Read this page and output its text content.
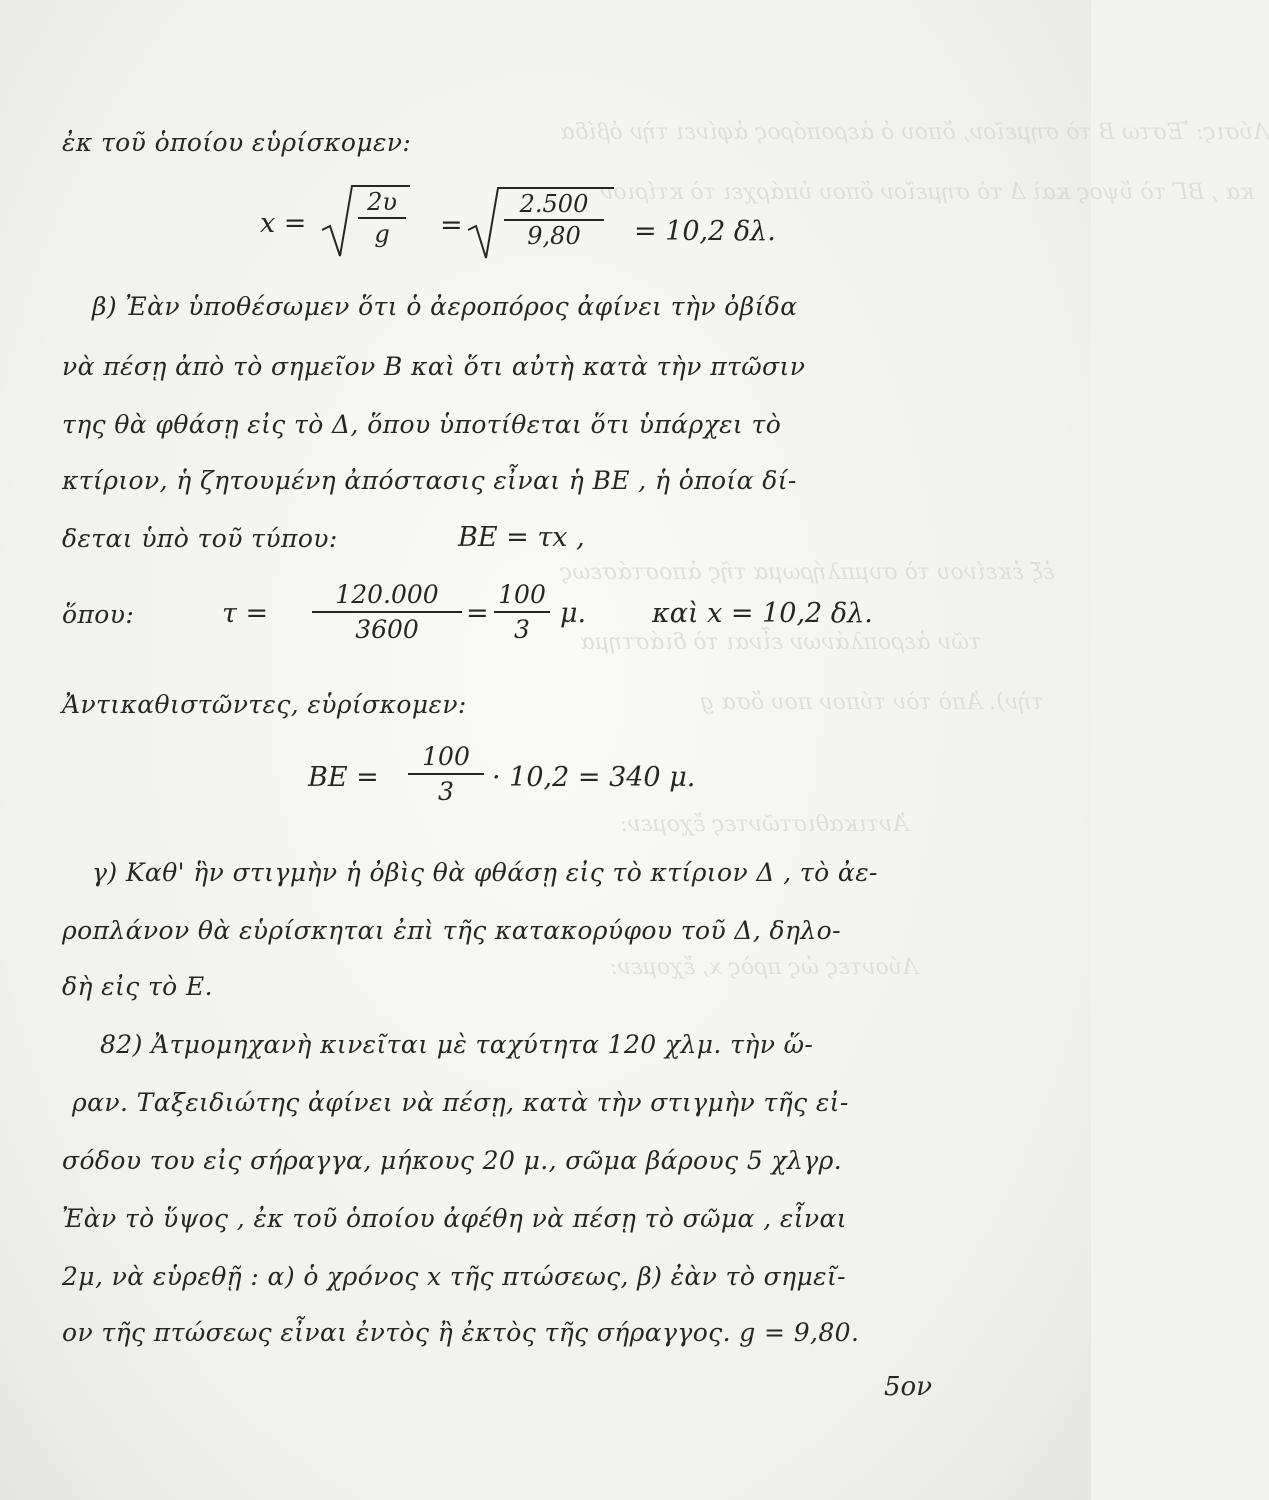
Λύσις: Ἔστω Β τὸ σημεῖον, ὅπου ὁ ἀεροπόρος ἀφίνει τὴν ὀβίδα
κα , ΒΓ τὸ ὕψος καὶ Δ τὸ σημεῖον ὅπου ὑπάρχει τὸ κτίριον
ἐξ ἐκείνου τὸ συμπλήρωμα τῆς ἀποστάσεως
τῶν ἀεροπλάνων εἶναι τὸ διάστημα
Ἀντικαθιστῶντες ἔχομεν:
Λύοντες ὡς πρὸς x, ἔχομεν:
τὴν). Ἀπὸ τὸν τύπον που ὅσα g
ἐκ τοῦ ὁποίου εὑρίσκομεν:
$x = \frac{2\upsilon}{g} = \frac{2.500}{9,80} = 10,2$ δλ.
β) Ἐὰν ὑποθέσωμεν ὅτι ὁ ἀεροπόρος ἀφίνει τὴν ὀβίδα
νὰ πέσῃ ἀπὸ τὸ σημεῖον Β καὶ ὅτι αὐτὴ κατὰ τὴν πτῶσιν
της θὰ φθάσῃ εἰς τὸ Δ, ὅπου ὑποτίθεται ὅτι ὑπάρχει τὸ
κτίριον, ἡ ζητουμένη ἀπόστασις εἶναι ἡ ΒΕ , ἡ ὁποία δί-
δεται ὑπὸ τοῦ τύπου:	ΒΕ = τx ,
ὅπου:	$\tau = \frac{120.000}{3600} = \frac{100}{3} \mu$. καὶ x = 10,2 δλ.
Ἀντικαθιστῶντες, εὑρίσκομεν:
$BE = \frac{100}{3} \cdot 10,2 = 340$ μ.
γ) Καθ' ἣν στιγμὴν ἡ ὀβὶς θὰ φθάσῃ εἰς τὸ κτίριον Δ , τὸ ἀε-
ροπλάνον θὰ εὑρίσκηται ἐπὶ τῆς κατακορύφου τοῦ Δ, δηλο-
δὴ εἰς τὸ Ε.
82) Ἀτμομηχανὴ κινεῖται μὲ ταχύτητα 120 χλμ. τὴν ὥ-
ραν. Ταξειδιώτης ἀφίνει νὰ πέσῃ, κατὰ τὴν στιγμὴν τῆς εἰ-
σόδου του εἰς σήραγγα, μήκους 20 μ., σῶμα βάρους 5 χλγρ.
Ἐὰν τὸ ὕψος , ἐκ τοῦ ὁποίου ἀφέθη νὰ πέσῃ τὸ σῶμα , εἶναι
2μ, νὰ εὑρεθῇ : α) ὁ χρόνος x τῆς πτώσεως, β) ἐὰν τὸ σημεῖ-
ον τῆς πτώσεως εἶναι ἐντὸς ἢ ἐκτὸς τῆς σήραγγος. g = 9,80.
5ον
